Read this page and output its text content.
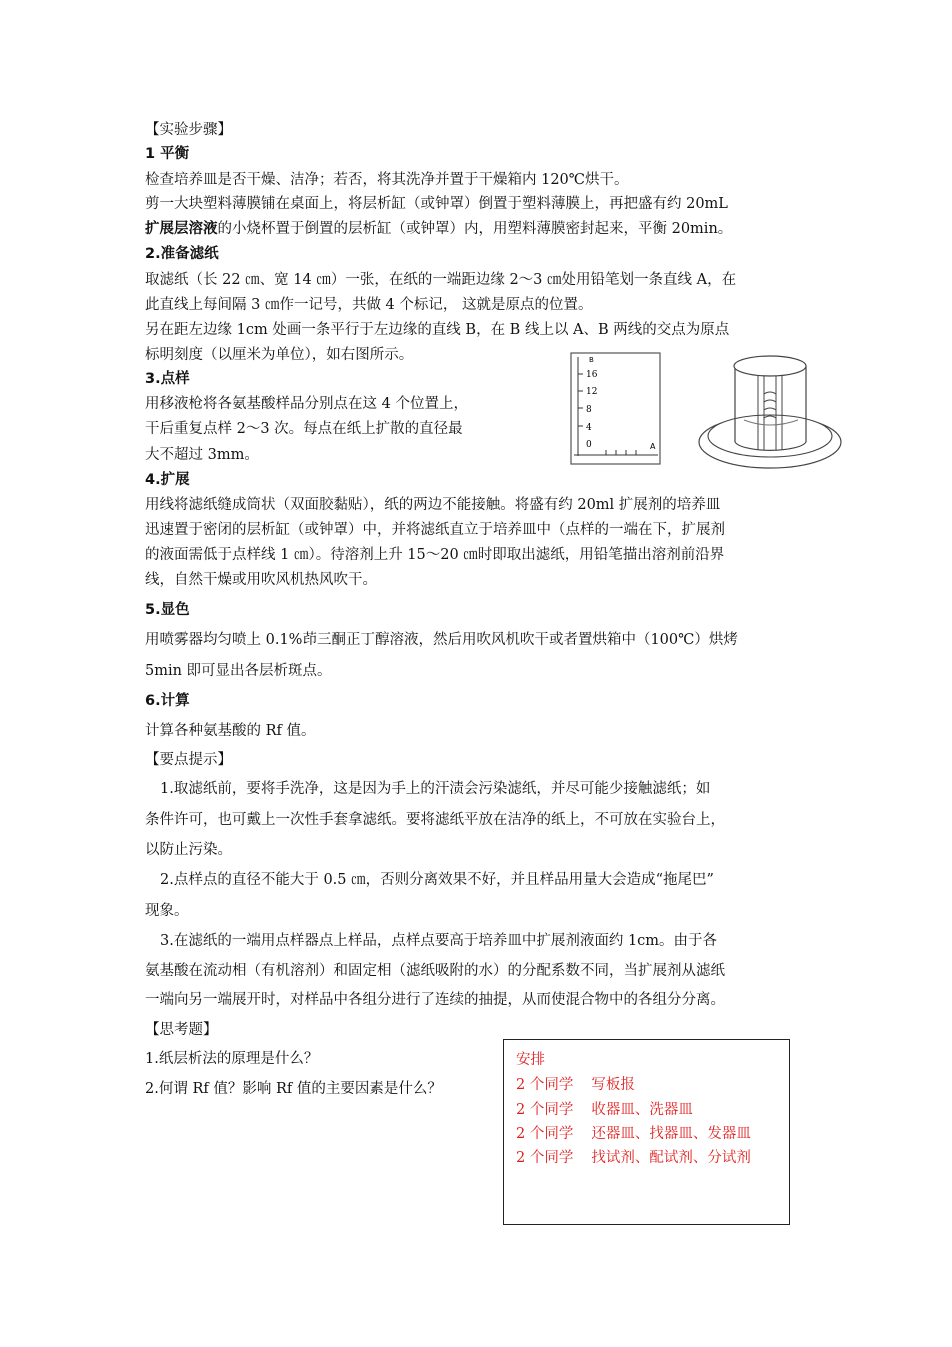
【实验步骤】
1 平衡
检查培养皿是否干燥、洁净；若否，将其洗净并置于干燥箱内 120℃烘干。
剪一大块塑料薄膜铺在桌面上，将层析缸（或钟罩）倒置于塑料薄膜上，再把盛有约 20mL
扩展层溶液的小烧杯置于倒置的层析缸（或钟罩）内，用塑料薄膜密封起来，平衡 20min。
2.准备滤纸
取滤纸（长 22 ㎝、宽 14 ㎝）一张，在纸的一端距边缘 2～3 ㎝处用铅笔划一条直线 A，在
此直线上每间隔 3 ㎝作一记号，共做 4 个标记， 这就是原点的位置。
另在距左边缘 1cm 处画一条平行于左边缘的直线 B，在 B 线上以 A、B 两线的交点为原点
标明刻度（以厘米为单位），如右图所示。
3.点样
用移液枪将各氨基酸样品分别点在这 4 个位置上，
干后重复点样 2～3 次。每点在纸上扩散的直径最
大不超过 3mm。
B
16
12
8
4
0	A
4.扩展
用线将滤纸缝成筒状（双面胶黏贴），纸的两边不能接触。将盛有约 20ml 扩展剂的培养皿
迅速置于密闭的层析缸（或钟罩）中，并将滤纸直立于培养皿中（点样的一端在下，扩展剂
的液面需低于点样线 1 ㎝）。待溶剂上升 15～20 ㎝时即取出滤纸，用铅笔描出溶剂前沿界
线，自然干燥或用吹风机热风吹干。
5.显色
用喷雾器均匀喷上 0.1%茚三酮正丁醇溶液，然后用吹风机吹干或者置烘箱中（100℃）烘烤
5min 即可显出各层析斑点。
6.计算
计算各种氨基酸的 Rf 值。
【要点提示】
1.取滤纸前，要将手洗净，这是因为手上的汗渍会污染滤纸，并尽可能少接触滤纸；如
条件许可，也可戴上一次性手套拿滤纸。要将滤纸平放在洁净的纸上，不可放在实验台上，
以防止污染。
2.点样点的直径不能大于 0.5 ㎝，否则分离效果不好，并且样品用量大会造成“拖尾巴”
现象。
3.在滤纸的一端用点样器点上样品，点样点要高于培养皿中扩展剂液面约 1cm。由于各
氨基酸在流动相（有机溶剂）和固定相（滤纸吸附的水）的分配系数不同，当扩展剂从滤纸
一端向另一端展开时，对样品中各组分进行了连续的抽提，从而使混合物中的各组分分离。
【思考题】
1.纸层析法的原理是什么？
2.何谓 Rf 值？影响 Rf 值的主要因素是什么？
安排
2 个同学 写板报
2 个同学 收器皿、洗器皿
2 个同学 还器皿、找器皿、发器皿
2 个同学 找试剂、配试剂、分试剂
